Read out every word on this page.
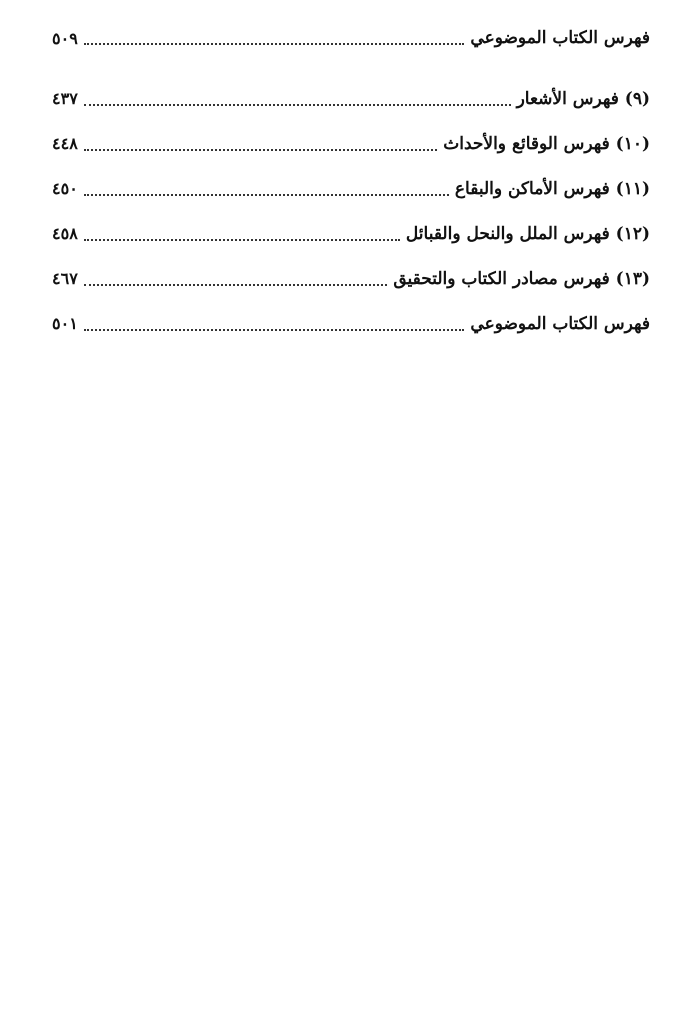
فهرس الكتاب الموضوعي
٥٠٩
(٩) فهرس الأشعار
٤٣٧
(١٠) فهرس الوقائع والأحداث
٤٤٨
(١١) فهرس الأماكن والبقاع
٤٥٠
(١٢) فهرس الملل والنحل والقبائل
٤٥٨
(١٣) فهرس مصادر الكتاب والتحقيق
٤٦٧
فهرس الكتاب الموضوعي
٥٠١
